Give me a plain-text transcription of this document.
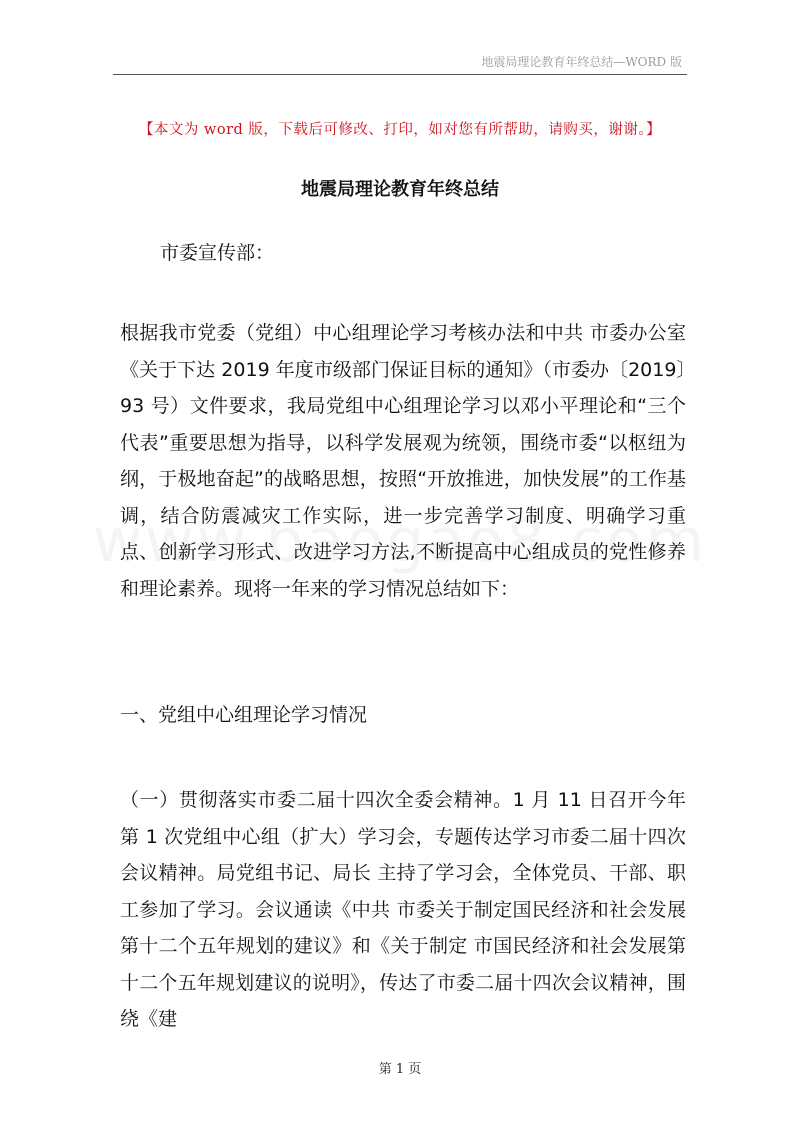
地震局理论教育年终总结—WORD 版
【本文为 word 版，下载后可修改、打印，如对您有所帮助，请购买，谢谢。】
地震局理论教育年终总结
市委宣传部：
根据我市党委（党组）中心组理论学习考核办法和中共 市委办公室《关于下达 2019 年度市级部门保证目标的通知》（市委办〔2019〕93 号）文件要求，我局党组中心组理论学习以邓小平理论和“三个代表”重要思想为指导，以科学发展观为统领，围绕市委“以枢纽为纲，于极地奋起”的战略思想，按照“开放推进，加快发展”的工作基调，结合防震减灾工作实际，进一步完善学习制度、明确学习重点、创新学习形式、改进学习方法,不断提高中心组成员的党性修养和理论素养。现将一年来的学习情况总结如下：
一、党组中心组理论学习情况
（一）贯彻落实市委二届十四次全委会精神。1 月 11 日召开今年第 1 次党组中心组（扩大）学习会，专题传达学习市委二届十四次会议精神。局党组书记、局长 主持了学习会，全体党员、干部、职工参加了学习。会议通读《中共 市委关于制定国民经济和社会发展第十二个五年规划的建议》和《关于制定 市国民经济和社会发展第十二个五年规划建议的说明》，传达了市委二届十四次会议精神，围绕《建
第 1 页
